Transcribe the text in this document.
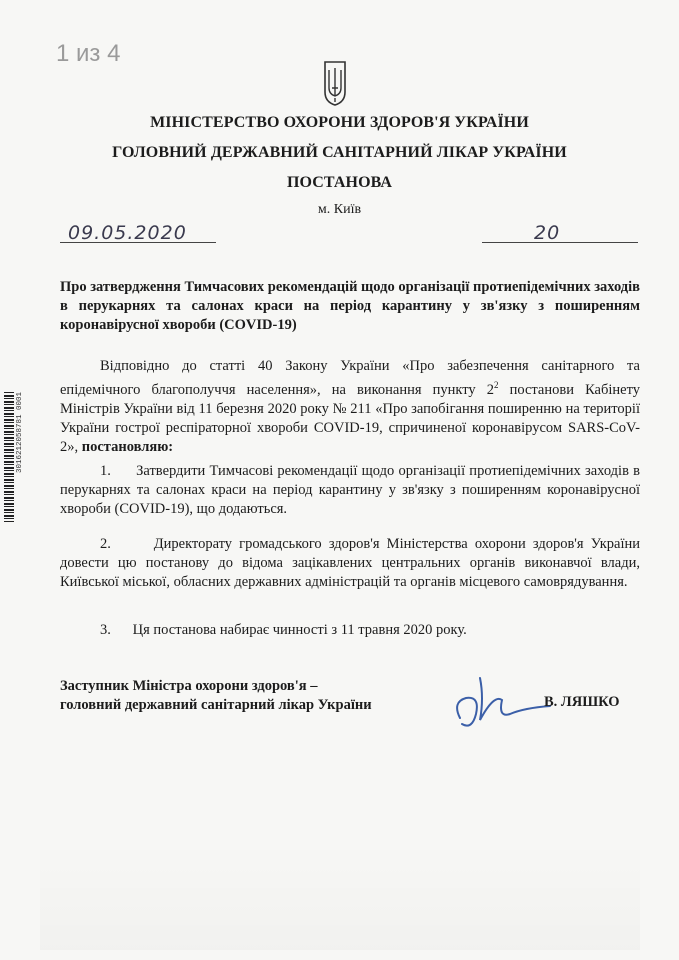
1 из 4
МІНІСТЕРСТВО ОХОРОНИ ЗДОРОВ'Я УКРАЇНИ
ГОЛОВНИЙ ДЕРЖАВНИЙ САНІТАРНИЙ ЛІКАР УКРАЇНИ
ПОСТАНОВА
м. Київ
09.05.2020	20
Про затвердження Тимчасових рекомендацій щодо організації протиепідемічних заходів в перукарнях та салонах краси на період карантину у зв'язку з поширенням коронавірусної хвороби (COVID-19)
Відповідно до статті 40 Закону України «Про забезпечення санітарного та епідемічного благополуччя населення», на виконання пункту $2^2$ постанови Кабінету Міністрів України від 11 березня 2020 року № 211 «Про запобігання поширенню на території України гострої респіраторної хвороби COVID-19, спричиненої коронавірусом SARS-CoV-2», постановляю:
1. Затвердити Тимчасові рекомендації щодо організації протиепідемічних заходів в перукарнях та салонах краси на період карантину у зв'язку з поширенням коронавірусної хвороби (COVID-19), що додаються.
2.	Директорату громадського здоров'я Міністерства охорони здоров'я України довести цю постанову до відома зацікавлених центральних органів виконавчої влади, Київської міської, обласних державних адміністрацій та органів місцевого самоврядування.
3. Ця постанова набирає чинності з 11 травня 2020 року.
Заступник Міністра охорони здоров'я –
головний державний санітарний лікар України	В. ЛЯШКО
3016212058781 0001
